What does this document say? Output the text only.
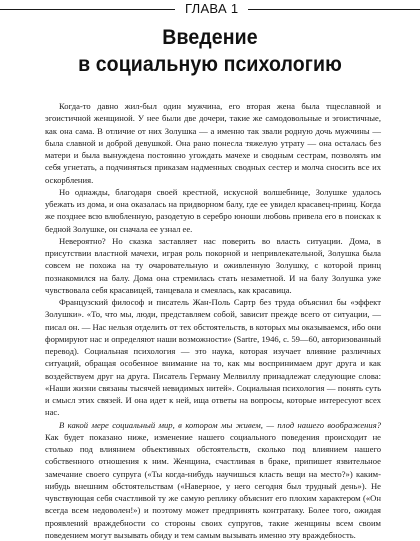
ГЛАВА 1
Введение
в социальную психологию

Когда-то давно жил-был один мужчина, его вторая жена была тщеславной и эгоистичной женщиной. У нее были две дочери, такие же самодовольные и эгоистичные, как она сама. В отличие от них Золушка — а именно так звали родную дочь мужчины — была славной и доброй девушкой. Она рано понесла тяжелую утрату — она осталась без матери и была вынуждена постоянно угождать мачехе и сводным сестрам, позволять им себя угнетать, а подчиняться приказам надменных сводных сестер и молча сносить все их оскорбления.

Но однажды, благодаря своей крестной, искусной волшебнице, Золушке удалось убежать из дома, и она оказалась на придворном балу, где ее увидел красавец-принц. Когда же позднее всю влюбленную, разодетую в серебро юноши любовь привела его в поисках к бедной Золушке, он сначала ее узнал ее.

Невероятно? Но сказка заставляет нас поверить во власть ситуации. Дома, в присутствии властной мачехи, играя роль покорной и непривлекательной, Золушка была совсем не похожа на ту очаровательную и оживленную Золушку, с которой принц познакомился на балу. Дома она стремилась стать незаметной. И на балу Золушка уже чувствовала себя красавицей, танцевала и смеялась, как красавица.

Французский философ и писатель Жан-Поль Сартр без труда объяснил бы «эффект Золушки». «То, что мы, люди, представляем собой, зависит прежде всего от ситуации, — писал он. — Нас нельзя отделить от тех обстоятельств, в которых мы оказываемся, ибо они формируют нас и определяют наши возможности» (Sartre, 1946, с. 59—60, авторизованный перевод). Социальная психология — это наука, которая изучает влияние различных ситуаций, обращая особенное внимание на то, как мы воспринимаем друг друга и как воздействуем друг на друга. Писатель Герману Мелвиллу принадлежат следующие слова: «Наши жизни связаны тысячей невидимых нитей». Социальная психология — понять суть и смысл этих связей. И она идет к ней, ища ответы на вопросы, которые интересуют всех нас.

В какой мере социальный мир, в котором мы живем, — плод нашего воображения? Как будет показано ниже, изменение нашего социального поведения происходит не столько под влиянием объективных обстоятельств, сколько под влиянием нашего собственного отношения к ним. Женщина, счастливая в браке, припишет язвительное замечание своего супруга («Ты когда-нибудь научишься класть вещи на место?») каким-нибудь внешним обстоятельствам («Наверное, у него сегодня был трудный день»). Не чувствующая себя счастливой ту же самую реплику объяснит его плохим характером («Он всегда всем недоволен!») и поэтому может предпринять контратаку. Более того, ожидая проявлений враждебности со стороны своих супругов, такие женщины всем своим поведением могут вызывать обиду и тем самым вызывать именно эту враждебность.
